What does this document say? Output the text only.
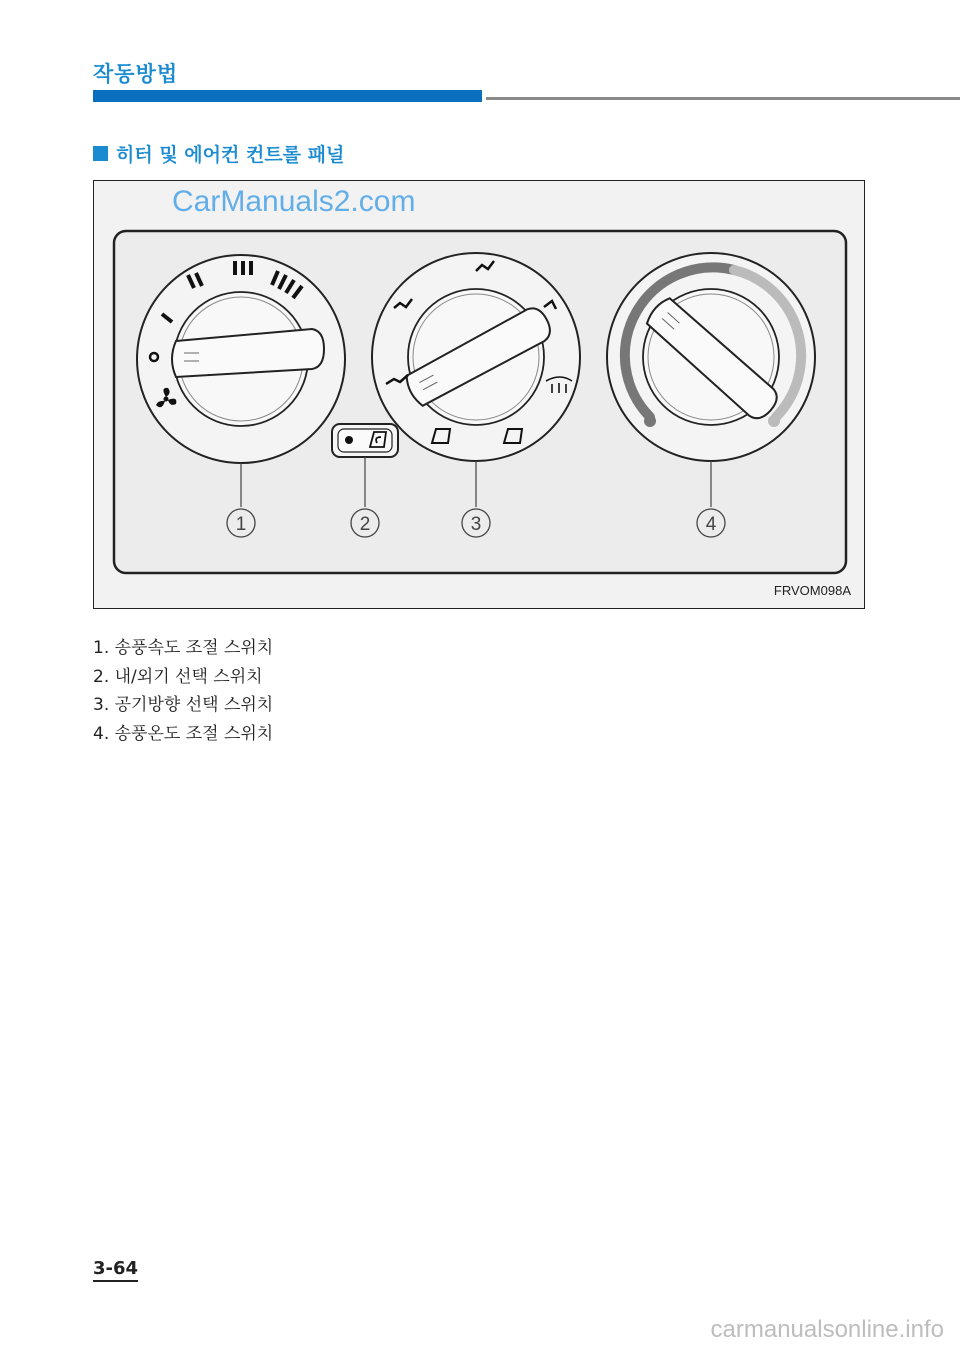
작동방법
히터 및 에어컨 컨트롤 패널
1	2	3	4
CarManuals2.com
FRVOM098A
1. 송풍속도 조절 스위치
2. 내/외기 선택 스위치
3. 공기방향 선택 스위치
4. 송풍온도 조절 스위치
3-64
carmanualsonline.info
